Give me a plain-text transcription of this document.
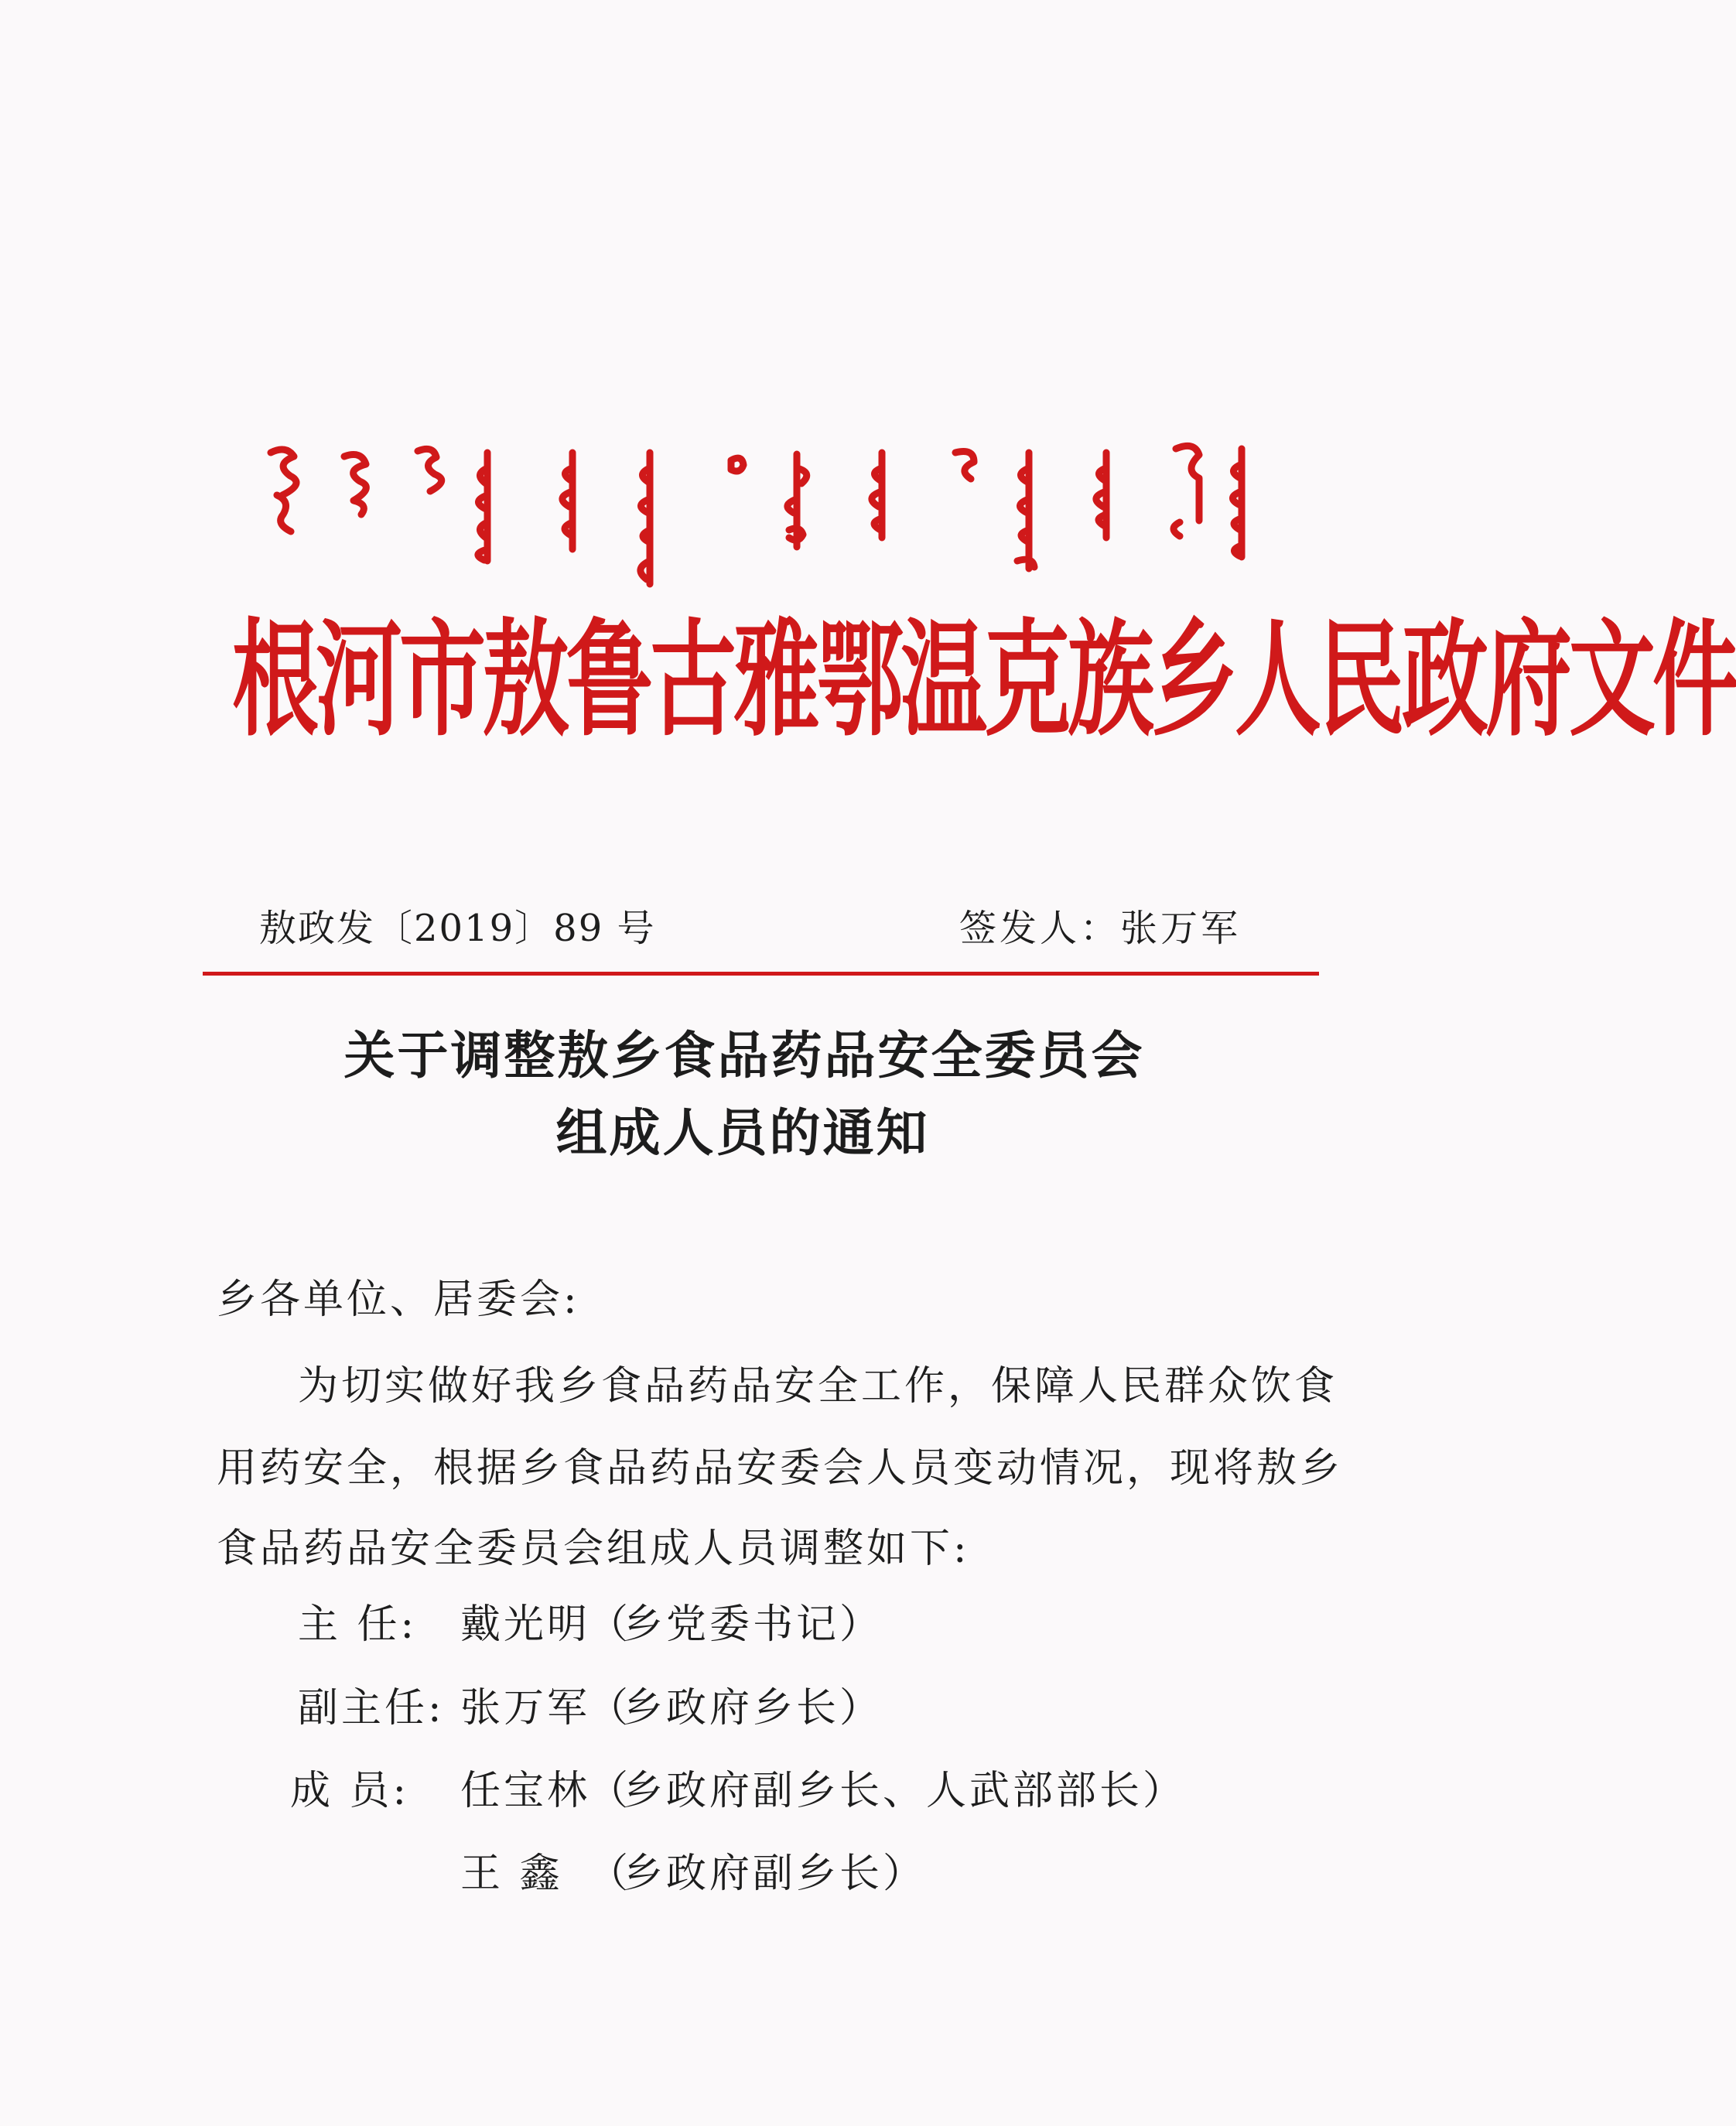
根河市敖鲁古雅鄂温克族乡人民政府文件
敖政发〔2019〕89 号	签发人：张万军
关于调整敖乡食品药品安全委员会
组成人员的通知
乡各单位、居委会:
为切实做好我乡食品药品安全工作，保障人民群众饮食
用药安全，根据乡食品药品安委会人员变动情况，现将敖乡
食品药品安全委员会组成人员调整如下:
主 任: 戴光明
（
乡党委书记）
副主任: 张万军
（
乡政府乡长）
成 员: 任宝林
（
乡政府副乡长、人武部部长）
王 鑫 （
乡政府副乡长）
